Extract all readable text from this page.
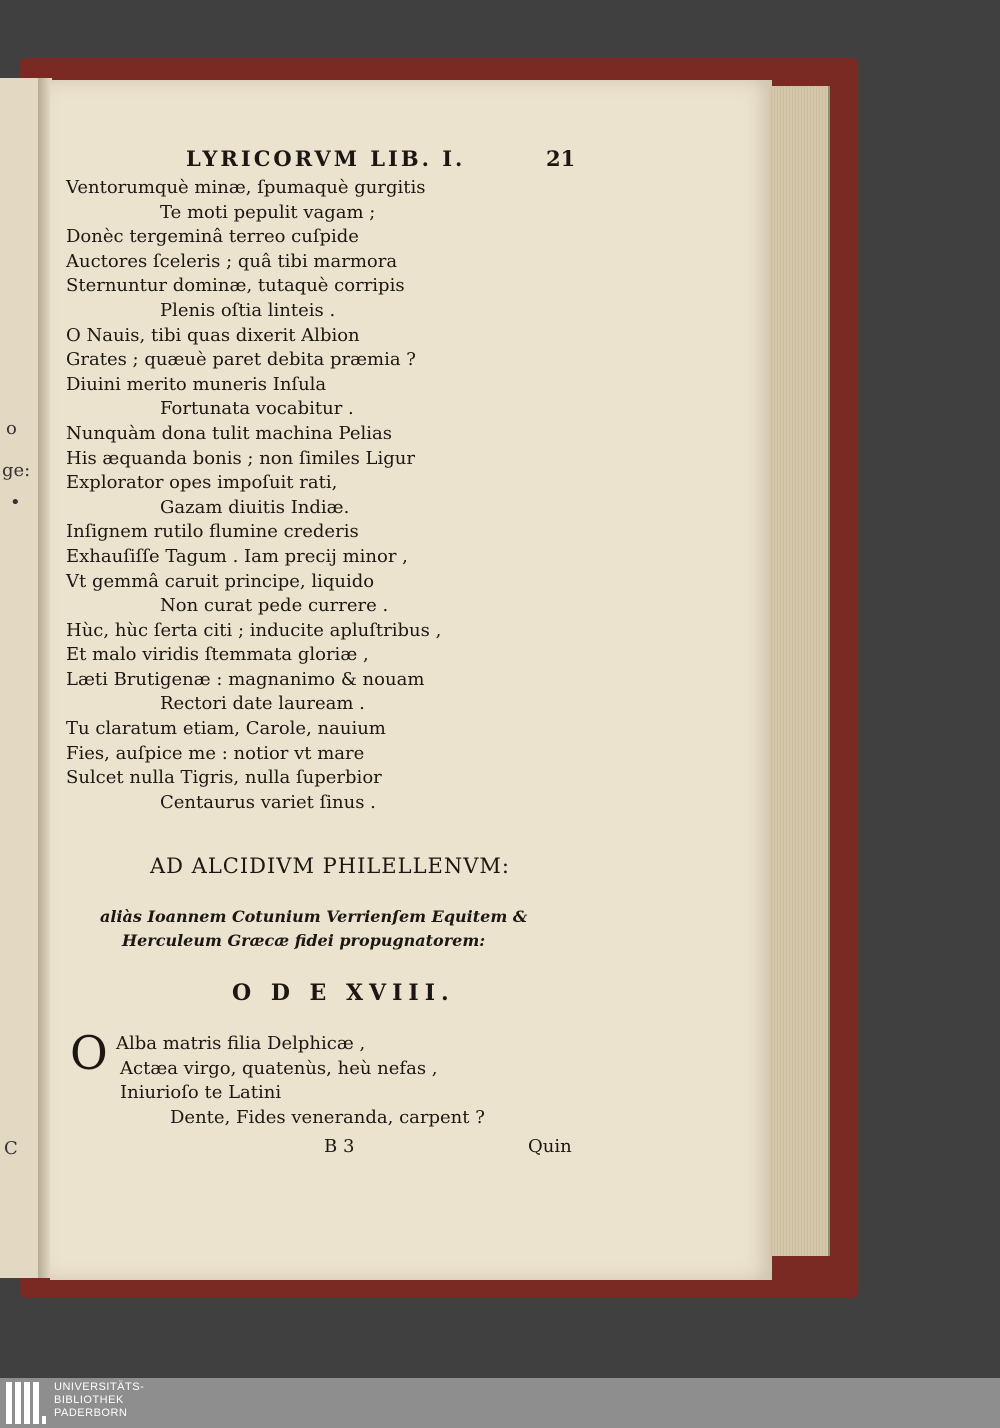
o
ge:
•
C
LYRICORVM LIB. I.	21
Ventorumquè minæ, ſpumaquè gurgitis
Te moti pepulit vagam ;
Donèc tergeminâ terreo cuſpide
Auctores ſceleris ; quâ tibi marmora
Sternuntur dominæ, tutaquè corripis
Plenis oſtia linteis .
O Nauis, tibi quas dixerit Albion
Grates ; quæuè paret debita præmia ?
Diuini merito muneris Inſula
Fortunata vocabitur .
Nunquàm dona tulit machina Pelias
His æquanda bonis ; non ſimiles Ligur
Explorator opes impoſuit rati,
Gazam diuitis Indiæ.
Inſignem rutilo flumine crederis
Exhauſiſſe Tagum . Iam precij minor ,
Vt gemmâ caruit principe, liquido
Non curat pede currere .
Hùc, hùc ſerta citi ; inducite apluſtribus ,
Et malo viridis ſtemmata gloriæ ,
Læti Brutigenæ : magnanimo & nouam
Rectori date lauream .
Tu claratum etiam, Carole, nauium
Fies, auſpice me : notior vt mare
Sulcet nulla Tigris, nulla ſuperbior
Centaurus variet ſinus .
AD ALCIDIVM PHILELLENVM:
aliàs Ioannem Cotunium Verrienſem Equitem &
Herculeum Græcæ fidei propugnatorem:
O D E XVIII.
O Alba matris filia Delphicæ ,
Actæa virgo, quatenùs, heù nefas ,
Iniurioſo te Latini
Dente, Fides veneranda, carpent ?
B 3	Quin
UNIVERSITÄTS-
BIBLIOTHEK
PADERBORN
